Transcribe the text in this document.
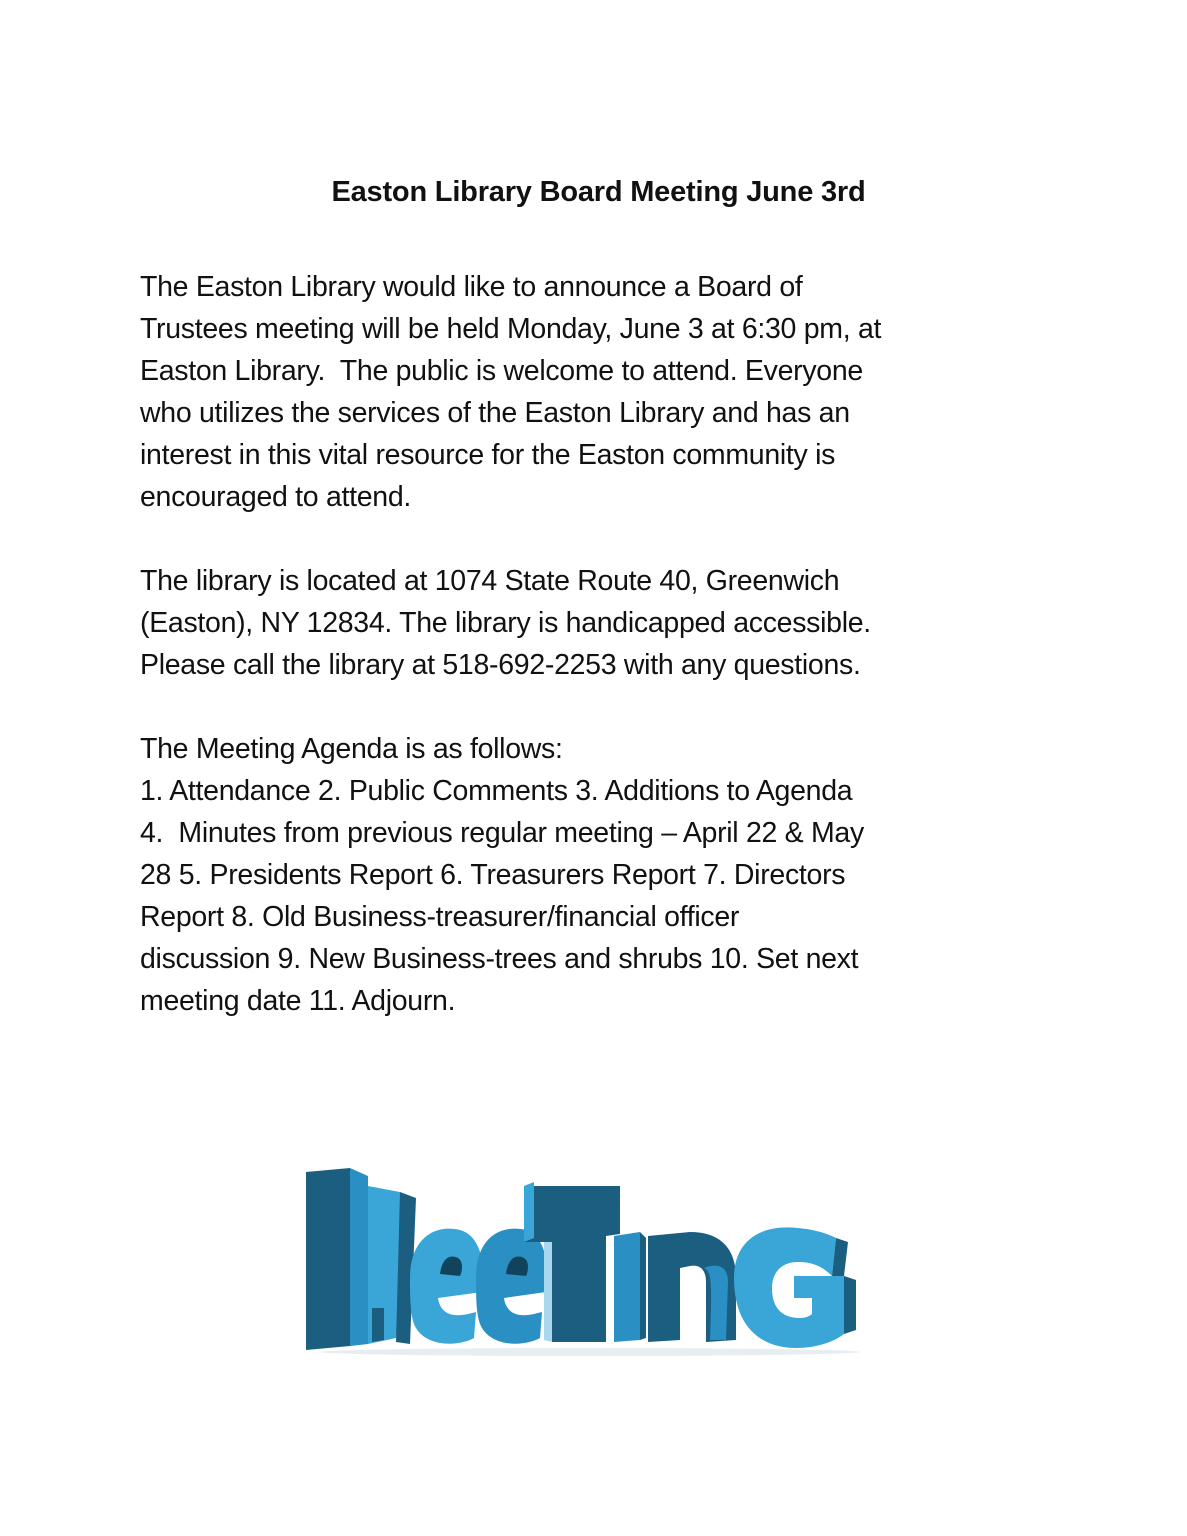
Easton Library Board Meeting June 3rd

The Easton Library would like to announce a Board of
Trustees meeting will be held Monday, June 3 at 6:30 pm, at
Easton Library.  The public is welcome to attend. Everyone
who utilizes the services of the Easton Library and has an
interest in this vital resource for the Easton community is
encouraged to attend.

The library is located at 1074 State Route 40, Greenwich
(Easton), NY 12834. The library is handicapped accessible.
Please call the library at 518-692-2253 with any questions.

The Meeting Agenda is as follows:
1. Attendance 2. Public Comments 3. Additions to Agenda
4.  Minutes from previous regular meeting – April 22 & May
28 5. Presidents Report 6. Treasurers Report 7. Directors
Report 8. Old Business-treasurer/financial officer
discussion 9. New Business-trees and shrubs 10. Set next
meeting date 11. Adjourn.
